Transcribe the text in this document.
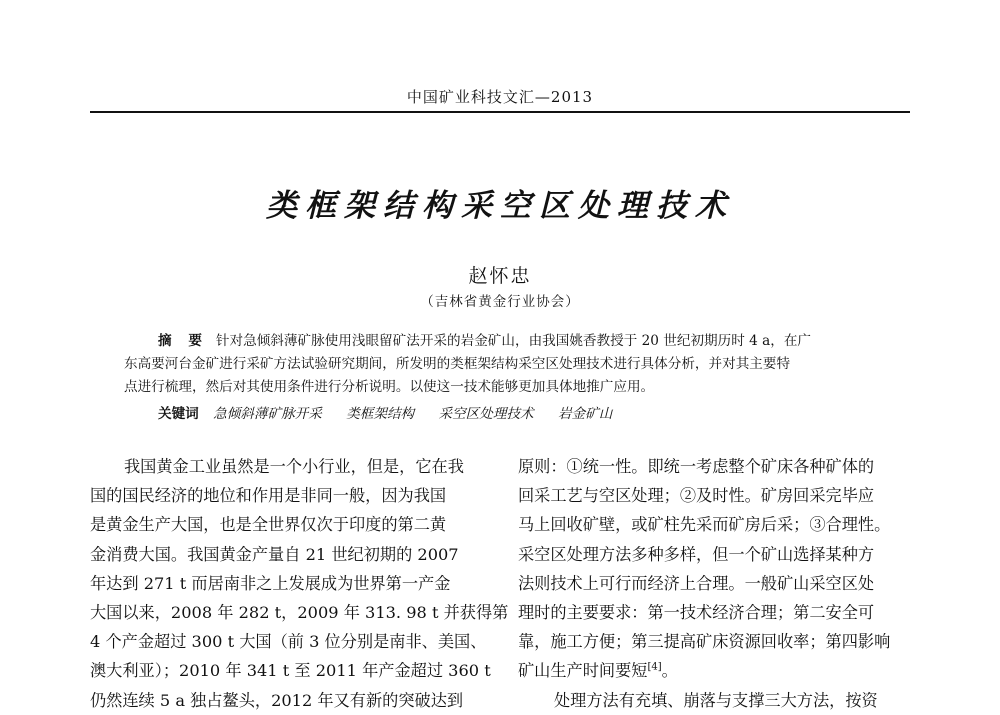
中国矿业科技文汇—2013
类框架结构采空区处理技术
赵怀忠
（吉林省黄金行业协会）
摘 要 针对急倾斜薄矿脉使用浅眼留矿法开采的岩金矿山，由我国姚香教授于 20 世纪初期历时 4 a，在广
东高要河台金矿进行采矿方法试验研究期间，所发明的类框架结构采空区处理技术进行具体分析，并对其主要特
点进行梳理，然后对其使用条件进行分析说明。以使这一技术能够更加具体地推广应用。
关键词 急倾斜薄矿脉开采 类框架结构 采空区处理技术 岩金矿山
我国黄金工业虽然是一个小行业，但是，它在我
国的国民经济的地位和作用是非同一般，因为我国
是黄金生产大国，也是全世界仅次于印度的第二黄
金消费大国。我国黄金产量自 21 世纪初期的 2007
年达到 271 t 而居南非之上发展成为世界第一产金
大国以来，2008 年 282 t，2009 年 313. 98 t 并获得第
4 个产金超过 300 t 大国（前 3 位分别是南非、美国、
澳大利亚）；2010 年 341 t 至 2011 年产金超过 360 t
仍然连续 5 a 独占鳌头，2012 年又有新的突破达到
原则：①统一性。即统一考虑整个矿床各种矿体的
回采工艺与空区处理；②及时性。矿房回采完毕应
马上回收矿壁，或矿柱先采而矿房后采；③合理性。
采空区处理方法多种多样，但一个矿山选择某种方
法则技术上可行而经济上合理。一般矿山采空区处
理时的主要要求：第一技术经济合理；第二安全可
靠，施工方便；第三提高矿床资源回收率；第四影响
矿山生产时间要短[4]。
处理方法有充填、崩落与支撑三大方法，按资
